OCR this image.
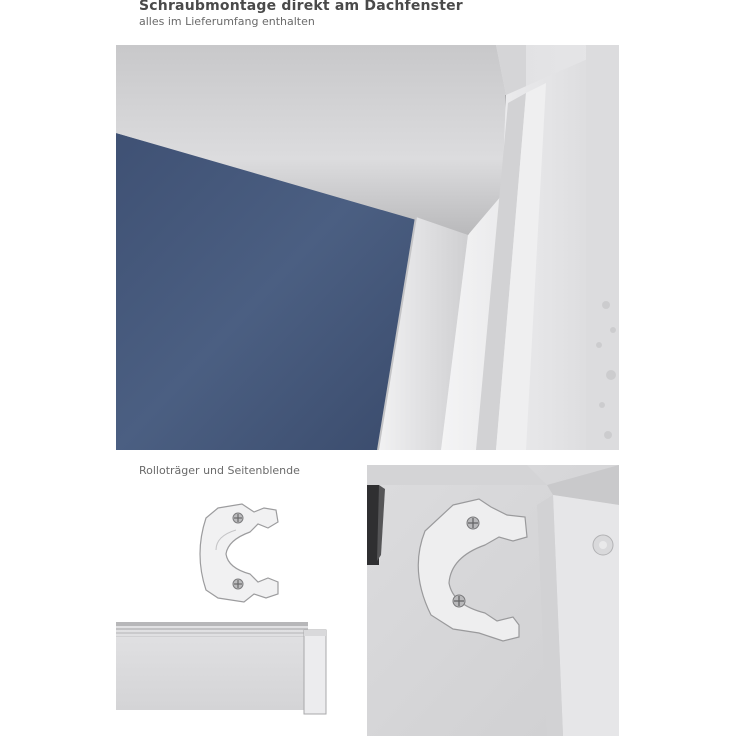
Schraubmontage direkt am Dachfenster
alles im Lieferumfang enthalten
Rolloträger und Seitenblende
